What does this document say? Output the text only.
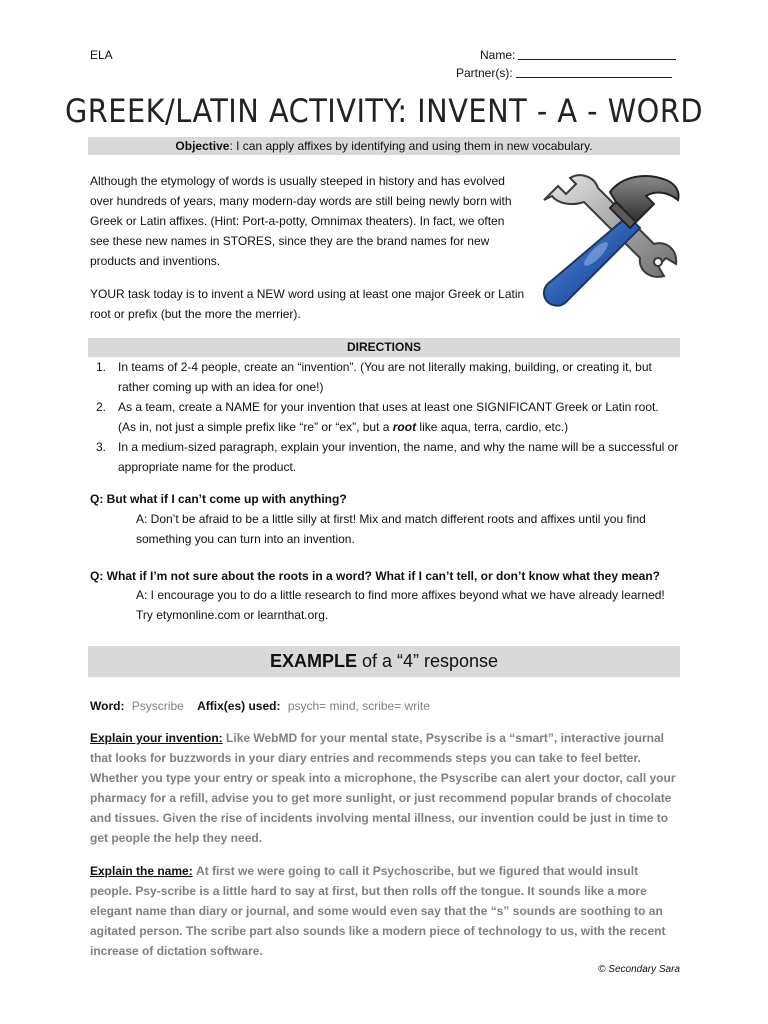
ELA	Name:
Partner(s):
GREEK/LATIN ACTIVITY: INVENT - A - WORD
Objective: I can apply affixes by identifying and using them in new vocabulary.
Although the etymology of words is usually steeped in history and has evolved over hundreds of years, many modern-day words are still being newly born with Greek or Latin affixes. (Hint: Port-a-potty, Omnimax theaters). In fact, we often see these new names in STORES, since they are the brand names for new products and inventions.
YOUR task today is to invent a NEW word using at least one major Greek or Latin root or prefix (but the more the merrier).
DIRECTIONS
1. In teams of 2-4 people, create an “invention”. (You are not literally making, building, or creating it, but rather coming up with an idea for one!)
2. As a team, create a NAME for your invention that uses at least one SIGNIFICANT Greek or Latin root. (As in, not just a simple prefix like “re” or “ex”, but a root like aqua, terra, cardio, etc.)
3. In a medium-sized paragraph, explain your invention, the name, and why the name will be a successful or appropriate name for the product.
Q: But what if I can’t come up with anything?
A: Don’t be afraid to be a little silly at first! Mix and match different roots and affixes until you find something you can turn into an invention.
Q: What if I’m not sure about the roots in a word? What if I can’t tell, or don’t know what they mean?
A: I encourage you to do a little research to find more affixes beyond what we have already learned! Try etymonline.com or learnthat.org.
EXAMPLE of a “4” response
Word: Psyscribe Affix(es) used: psych= mind, scribe= write
Explain your invention: Like WebMD for your mental state, Psyscribe is a “smart”, interactive journal that looks for buzzwords in your diary entries and recommends steps you can take to feel better. Whether you type your entry or speak into a microphone, the Psyscribe can alert your doctor, call your pharmacy for a refill, advise you to get more sunlight, or just recommend popular brands of chocolate and tissues. Given the rise of incidents involving mental illness, our invention could be just in time to get people the help they need.
Explain the name: At first we were going to call it Psychoscribe, but we figured that would insult people. Psy-scribe is a little hard to say at first, but then rolls off the tongue. It sounds like a more elegant name than diary or journal, and some would even say that the “s” sounds are soothing to an agitated person. The scribe part also sounds like a modern piece of technology to us, with the recent increase of dictation software.
© Secondary Sara
